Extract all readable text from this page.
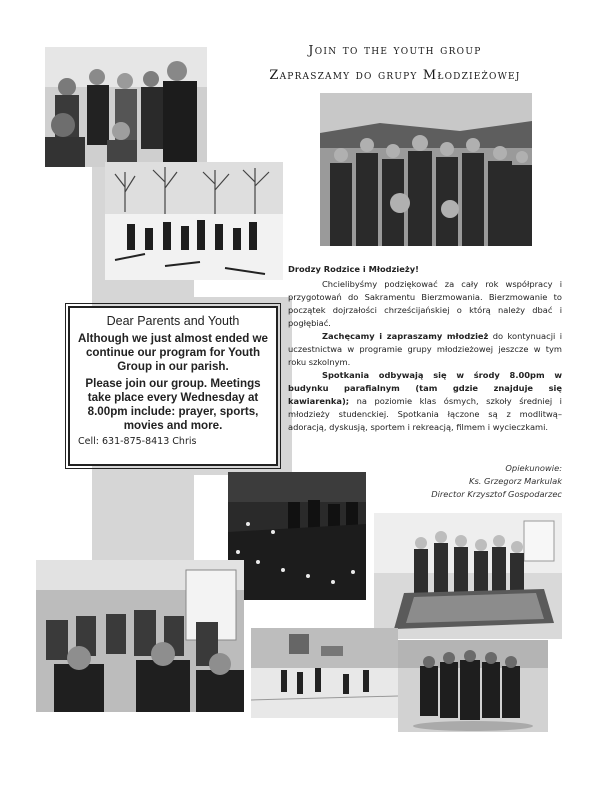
Join to the youth group
Zapraszamy do grupy Młodzieżowej
Dear Parents and Youth
Although we just almost ended we continue our program for Youth Group in our parish.
Please join our group. Meetings take place every Wednesday at 8.00pm include: prayer, sports, movies and more.
Cell: 631-875-8413 Chris
Drodzy Rodzice i Młodzieży!

Chcielibyśmy podziękować za cały rok współpracy i przygotowań do Sakramentu Bierzmowania. Bierzmowanie to początek dojrzałości chrześcijańskiej o którą należy dbać i pogłębiać.

Zachęcamy i zapraszamy młodzież do kontynuacji i uczestnictwa w programie grupy młodzieżowej jeszcze w tym roku szkolnym.

Spotkania odbywają się w środy 8.00pm w budynku parafialnym (tam gdzie znajduje się kawiarenka); na poziomie klas ósmych, szkoły średniej i młodzieży studenckiej. Spotkania łączone są z modlitwą–adoracją, dyskusją, sportem i rekreacją, filmem i wycieczkami.

Opiekunowie:
Ks. Grzegorz Markulak
Director Krzysztof Gospodarzec
